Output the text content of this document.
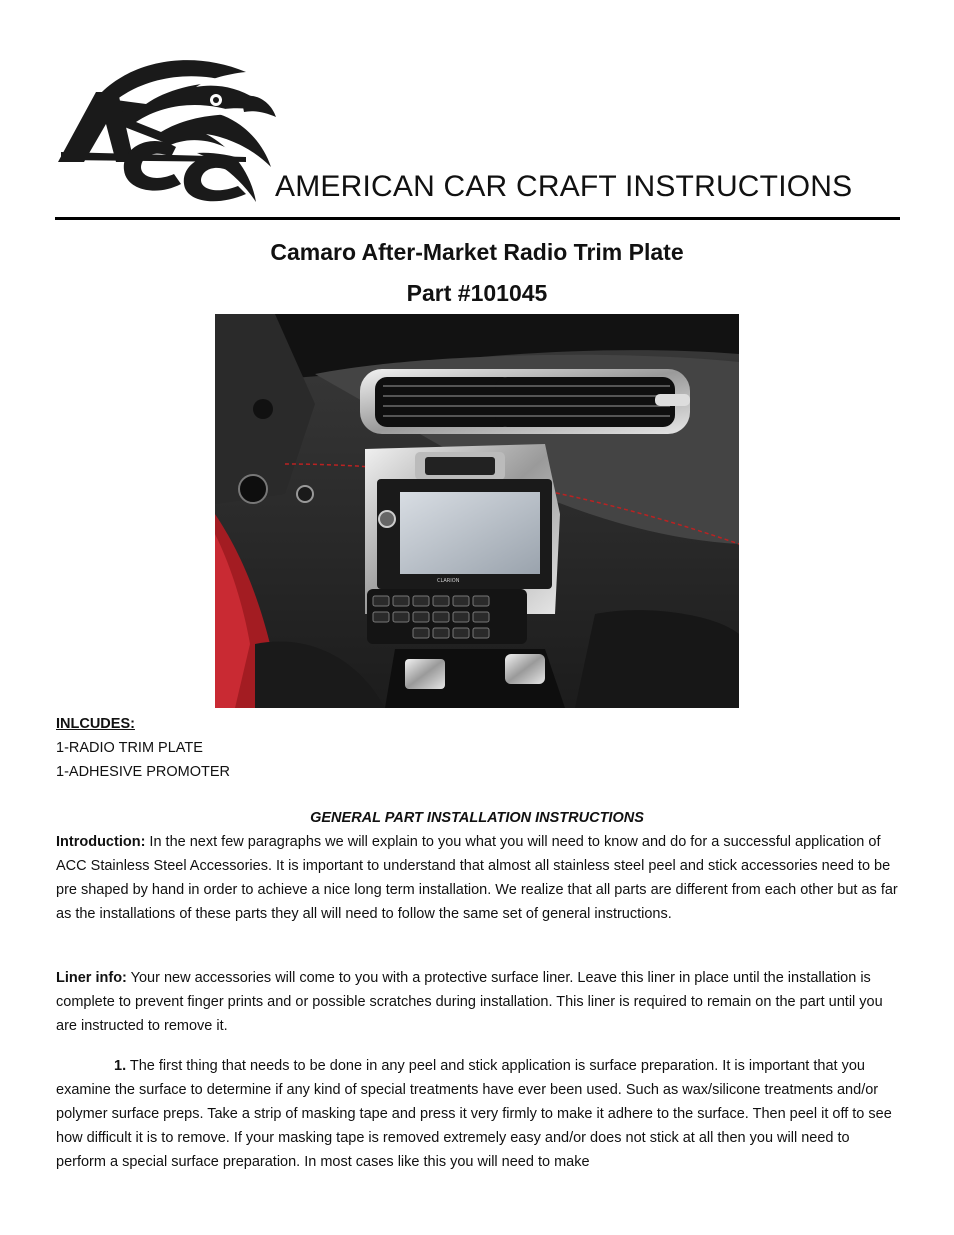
AMERICAN CAR CRAFT INSTRUCTIONS
Camaro After-Market Radio Trim Plate
Part #101045
CLARION
INLCUDES:
1-RADIO TRIM PLATE
1-ADHESIVE PROMOTER
GENERAL PART INSTALLATION INSTRUCTIONS

Introduction: In the next few paragraphs we will explain to you what you will need to know and do for a successful application of ACC Stainless Steel Accessories. It is important to understand that almost all stainless steel peel and stick accessories need to be pre shaped by hand in order to achieve a nice long term installation. We realize that all parts are different from each other but as far as the installations of these parts they all will need to follow the same set of general instructions.

Liner info: Your new accessories will come to you with a protective surface liner. Leave this liner in place until the installation is complete to prevent finger prints and or possible scratches during installation. This liner is required to remain on the part until you are instructed to remove it.

1. The first thing that needs to be done in any peel and stick application is surface preparation. It is important that you examine the surface to determine if any kind of special treatments have ever been used. Such as wax/silicone treatments and/or polymer surface preps. Take a strip of masking tape and press it very firmly to make it adhere to the surface. Then peel it off to see how difficult it is to remove. If your masking tape is removed extremely easy and/or does not stick at all then you will need to perform a special surface preparation. In most cases like this you will need to make
